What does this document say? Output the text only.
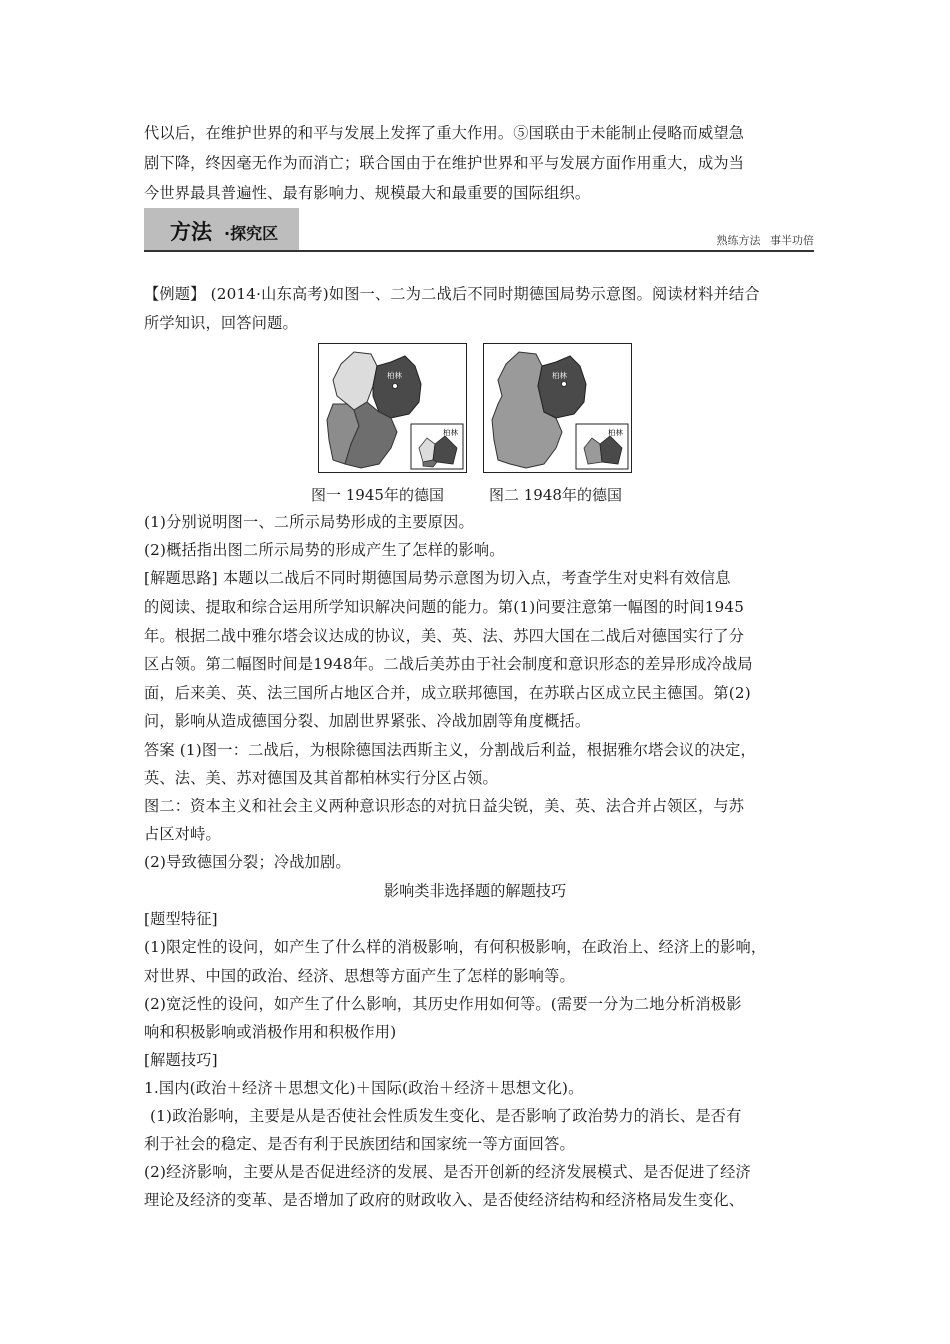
代以后，在维护世界的和平与发展上发挥了重大作用。⑤国联由于未能制止侵略而威望急
剧下降，终因毫无作为而消亡；联合国由于在维护世界和平与发展方面作用重大，成为当
今世界最具普遍性、最有影响力、规模最大和最重要的国际组织。
方法 ·探究区	熟练方法 事半功倍
【例题】 (2014·山东高考)如图一、二为二战后不同时期德国局势示意图。阅读材料并结合
所学知识，回答问题。
柏林
柏林
柏林
柏林
图一 1945年的德国	图二 1948年的德国
(1)分别说明图一、二所示局势形成的主要原因。
(2)概括指出图二所示局势的形成产生了怎样的影响。
[解题思路] 本题以二战后不同时期德国局势示意图为切入点，考查学生对史料有效信息
的阅读、提取和综合运用所学知识解决问题的能力。第(1)问要注意第一幅图的时间1945
年。根据二战中雅尔塔会议达成的协议，美、英、法、苏四大国在二战后对德国实行了分
区占领。第二幅图时间是1948年。二战后美苏由于社会制度和意识形态的差异形成冷战局
面，后来美、英、法三国所占地区合并，成立联邦德国，在苏联占区成立民主德国。第(2)
问，影响从造成德国分裂、加剧世界紧张、冷战加剧等角度概括。
答案 (1)图一：二战后，为根除德国法西斯主义，分割战后利益，根据雅尔塔会议的决定，
英、法、美、苏对德国及其首都柏林实行分区占领。
图二：资本主义和社会主义两种意识形态的对抗日益尖锐，美、英、法合并占领区，与苏
占区对峙。
(2)导致德国分裂；冷战加剧。
影响类非选择题的解题技巧
[题型特征]
(1)限定性的设问，如产生了什么样的消极影响，有何积极影响，在政治上、经济上的影响，
对世界、中国的政治、经济、思想等方面产生了怎样的影响等。
(2)宽泛性的设问，如产生了什么影响，其历史作用如何等。(需要一分为二地分析消极影
响和积极影响或消极作用和积极作用)
[解题技巧]
1.国内(政治＋经济＋思想文化)＋国际(政治＋经济＋思想文化)。
(1)政治影响，主要是从是否使社会性质发生变化、是否影响了政治势力的消长、是否有
利于社会的稳定、是否有利于民族团结和国家统一等方面回答。
(2)经济影响，主要从是否促进经济的发展、是否开创新的经济发展模式、是否促进了经济
理论及经济的变革、是否增加了政府的财政收入、是否使经济结构和经济格局发生变化、
